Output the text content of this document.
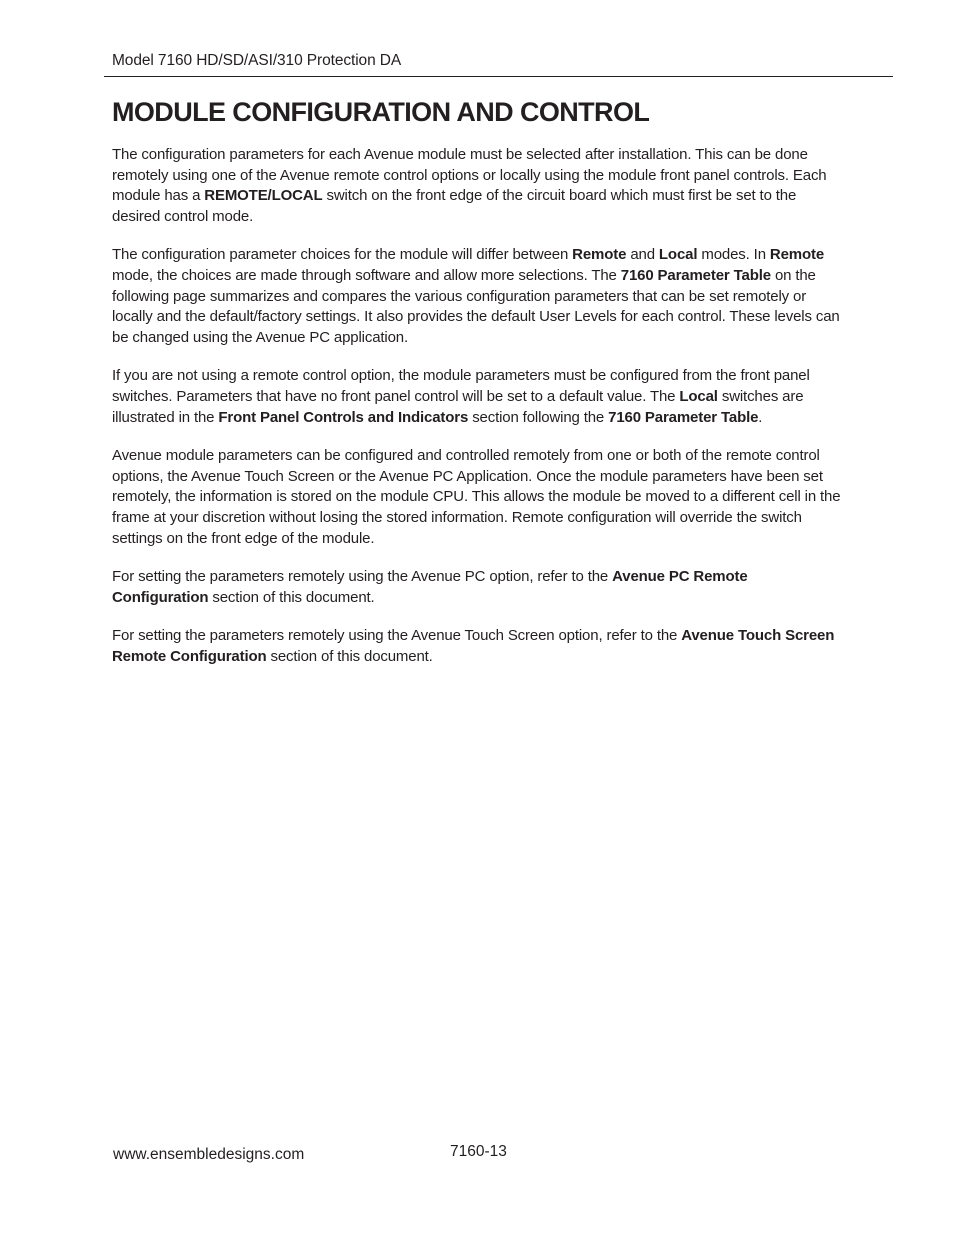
Model 7160 HD/SD/ASI/310 Protection DA
MODULE CONFIGURATION AND CONTROL

The configuration parameters for each Avenue module must be selected after installation. This can be done remotely using one of the Avenue remote control options or locally using the module front panel controls. Each module has a REMOTE/LOCAL switch on the front edge of the circuit board which must first be set to the desired control mode.

The configuration parameter choices for the module will differ between Remote and Local modes. In Remote mode, the choices are made through software and allow more selections. The 7160 Parameter Table on the following page summarizes and compares the various configuration parameters that can be set remotely or locally and the default/factory settings. It also provides the default User Levels for each control. These levels can be changed using the Avenue PC application.

If you are not using a remote control option, the module parameters must be configured from the front panel switches. Parameters that have no front panel control will be set to a default value. The Local switches are illustrated in the Front Panel Controls and Indicators section following the 7160 Parameter Table.

Avenue module parameters can be configured and controlled remotely from one or both of the remote control options, the Avenue Touch Screen or the Avenue PC Application. Once the module parameters have been set remotely, the information is stored on the module CPU. This allows the module be moved to a different cell in the frame at your discretion without losing the stored information. Remote configuration will override the switch settings on the front edge of the module.

For setting the parameters remotely using the Avenue PC option, refer to the Avenue PC Remote Configuration section of this document.

For setting the parameters remotely using the Avenue Touch Screen option, refer to the Avenue Touch Screen Remote Configuration section of this document.

www.ensembledesigns.com	7160-13
